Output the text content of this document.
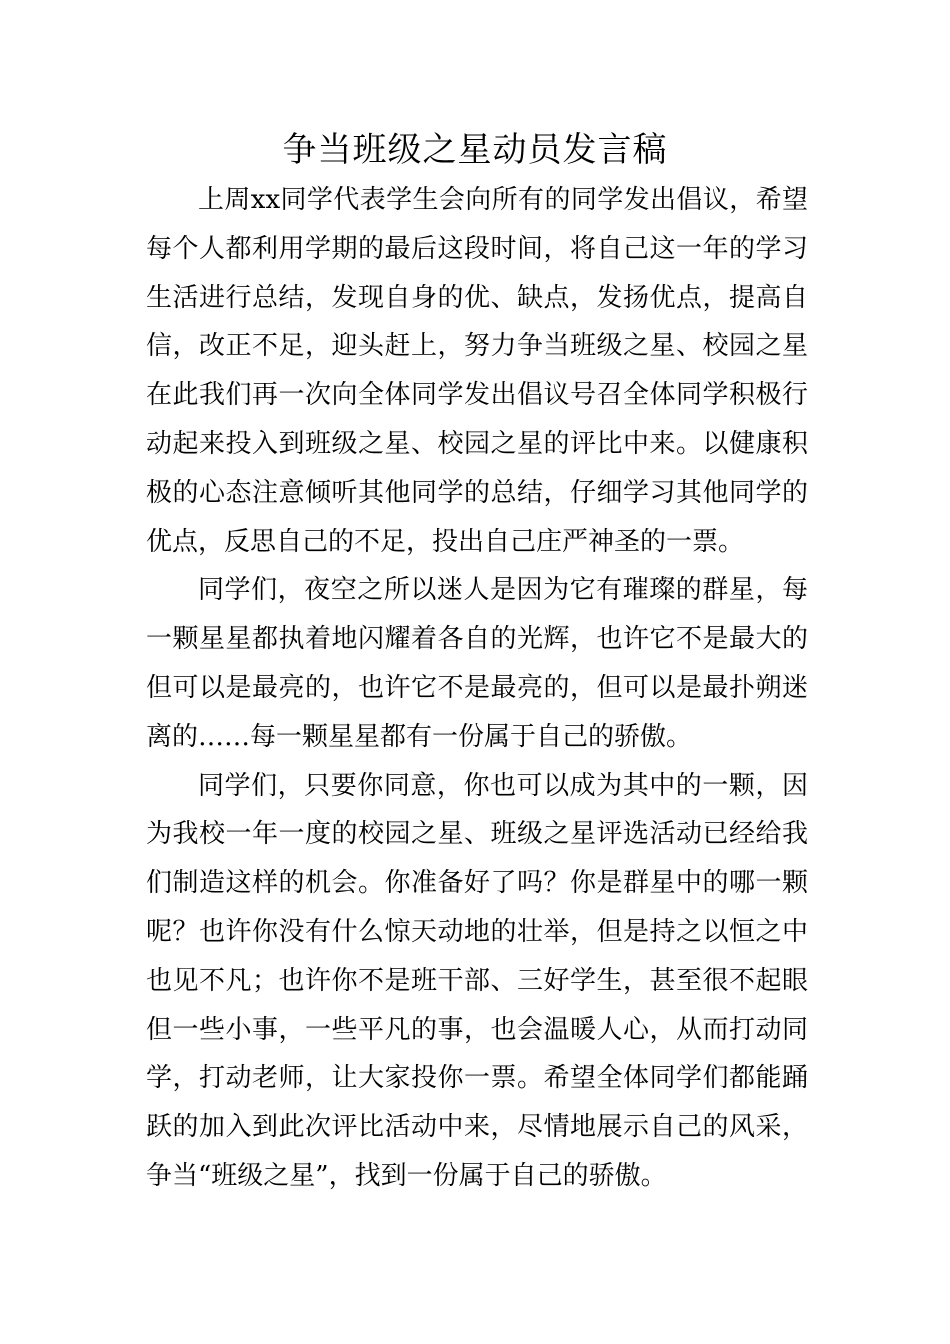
争当班级之星动员发言稿

上周xx同学代表学生会向所有的同学发出倡议，希望每个人都利用学期的最后这段时间，将自己这一年的学习生活进行总结，发现自身的优、缺点，发扬优点，提高自信，改正不足，迎头赶上，努力争当班级之星、校园之星在此我们再一次向全体同学发出倡议号召全体同学积极行动起来投入到班级之星、校园之星的评比中来。以健康积极的心态注意倾听其他同学的总结，仔细学习其他同学的优点，反思自己的不足，投出自己庄严神圣的一票。

同学们，夜空之所以迷人是因为它有璀璨的群星，每一颗星星都执着地闪耀着各自的光辉，也许它不是最大的但可以是最亮的，也许它不是最亮的，但可以是最扑朔迷离的……每一颗星星都有一份属于自己的骄傲。

同学们，只要你同意，你也可以成为其中的一颗，因为我校一年一度的校园之星、班级之星评选活动已经给我们制造这样的机会。你准备好了吗？你是群星中的哪一颗呢？也许你没有什么惊天动地的壮举，但是持之以恒之中也见不凡；也许你不是班干部、三好学生，甚至很不起眼但一些小事，一些平凡的事，也会温暖人心，从而打动同学，打动老师，让大家投你一票。希望全体同学们都能踊跃的加入到此次评比活动中来，尽情地展示自己的风采，争当“班级之星”，找到一份属于自己的骄傲。
